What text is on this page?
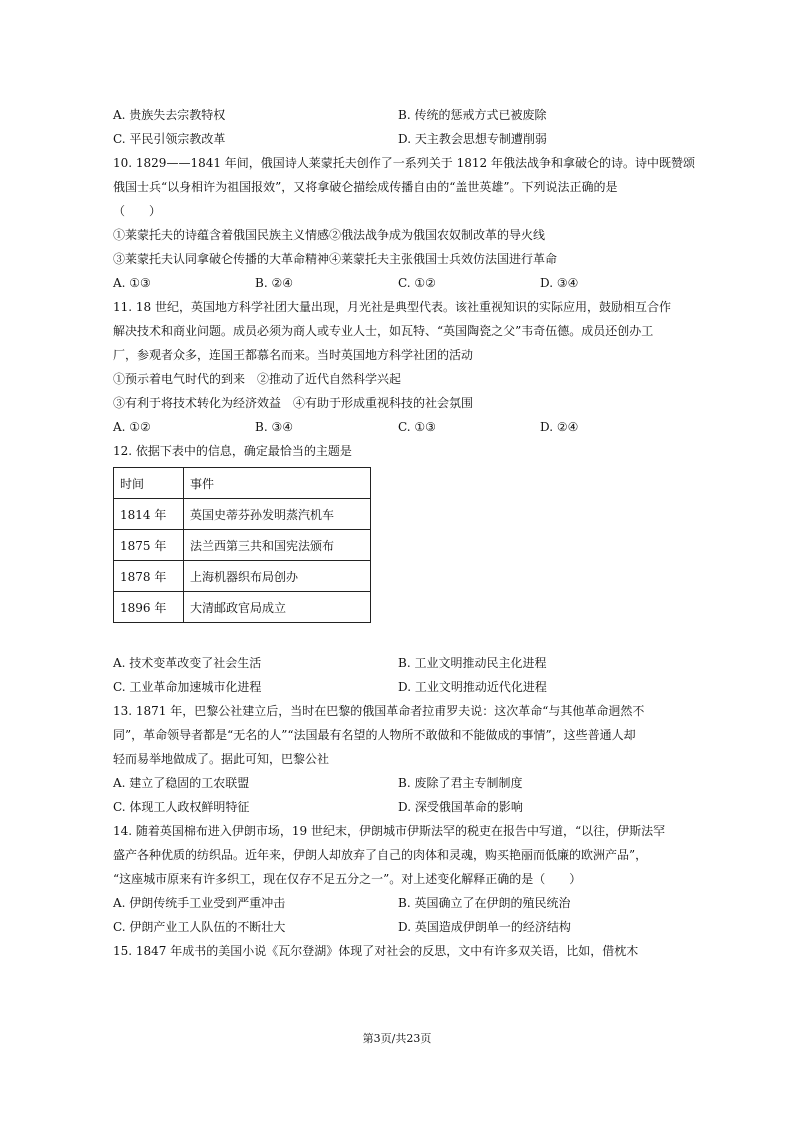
A. 贵族失去宗教特权	B. 传统的惩戒方式已被废除
C. 平民引领宗教改革	D. 天主教会思想专制遭削弱
10. 1829——1841 年间，俄国诗人莱蒙托夫创作了一系列关于 1812 年俄法战争和拿破仑的诗。诗中既赞颂
俄国士兵“以身相许为祖国报效”，又将拿破仑描绘成传播自由的“盖世英雄”。下列说法正确的是
（　　）
①莱蒙托夫的诗蕴含着俄国民族主义情感②俄法战争成为俄国农奴制改革的导火线
③莱蒙托夫认同拿破仑传播的大革命精神④莱蒙托夫主张俄国士兵效仿法国进行革命
A. ①③	B. ②④	C. ①②	D. ③④
11. 18 世纪，英国地方科学社团大量出现，月光社是典型代表。该社重视知识的实际应用，鼓励相互合作
解决技术和商业问题。成员必须为商人或专业人士，如瓦特、“英国陶瓷之父”韦奇伍德。成员还创办工
厂，参观者众多，连国王都慕名而来。当时英国地方科学社团的活动
①预示着电气时代的到来　②推动了近代自然科学兴起
③有利于将技术转化为经济效益　④有助于形成重视科技的社会氛围
A. ①②	B. ③④	C. ①③	D. ②④
12. 依据下表中的信息，确定最恰当的主题是
时间	事件
1814 年	英国史蒂芬孙发明蒸汽机车
1875 年	法兰西第三共和国宪法颁布
1878 年	上海机器织布局创办
1896 年	大清邮政官局成立
A. 技术变革改变了社会生活	B. 工业文明推动民主化进程
C. 工业革命加速城市化进程	D. 工业文明推动近代化进程
13. 1871 年，巴黎公社建立后，当时在巴黎的俄国革命者拉甫罗夫说：这次革命“与其他革命迥然不
同”，革命领导者都是“无名的人”“法国最有名望的人物所不敢做和不能做成的事情”，这些普通人却
轻而易举地做成了。据此可知，巴黎公社
A. 建立了稳固的工农联盟	B. 废除了君主专制制度
C. 体现工人政权鲜明特征	D. 深受俄国革命的影响
14. 随着英国棉布进入伊朗市场，19 世纪末，伊朗城市伊斯法罕的税吏在报告中写道，“以往，伊斯法罕
盛产各种优质的纺织品。近年来，伊朗人却放弃了自己的肉体和灵魂，购买艳丽而低廉的欧洲产品”，
“这座城市原来有许多织工，现在仅存不足五分之一”。对上述变化解释正确的是（　　）
A. 伊朗传统手工业受到严重冲击	B. 英国确立了在伊朗的殖民统治
C. 伊朗产业工人队伍的不断壮大	D. 英国造成伊朗单一的经济结构
15. 1847 年成书的美国小说《瓦尔登湖》体现了对社会的反思，文中有许多双关语，比如，借枕木
第3页/共23页
